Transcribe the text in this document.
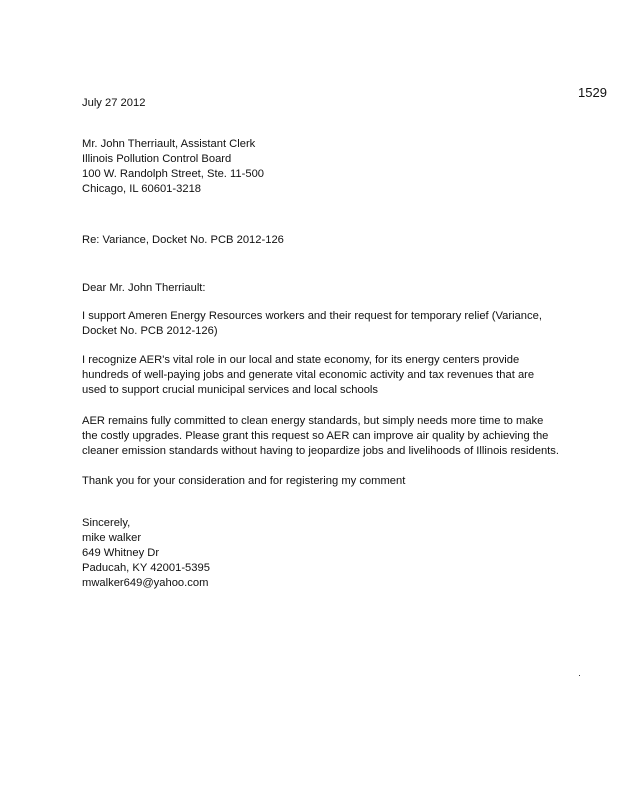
1529
July 27 2012
Mr. John Therriault, Assistant Clerk
Illinois Pollution Control Board
100 W. Randolph Street, Ste. 11-500
Chicago, IL 60601-3218
Re: Variance, Docket No. PCB 2012-126
Dear Mr. John Therriault:
I support Ameren Energy Resources workers and their request for temporary relief (Variance,
Docket No. PCB 2012-126)
I recognize AER's vital role in our local and state economy, for its energy centers provide
hundreds of well-paying jobs and generate vital economic activity and tax revenues that are
used to support crucial municipal services and local schools
AER remains fully committed to clean energy standards, but simply needs more time to make
the costly upgrades. Please grant this request so AER can improve air quality by achieving the
cleaner emission standards without having to jeopardize jobs and livelihoods of Illinois residents.
Thank you for your consideration and for registering my comment
Sincerely,
mike walker
649 Whitney Dr
Paducah, KY 42001-5395
mwalker649@yahoo.com
